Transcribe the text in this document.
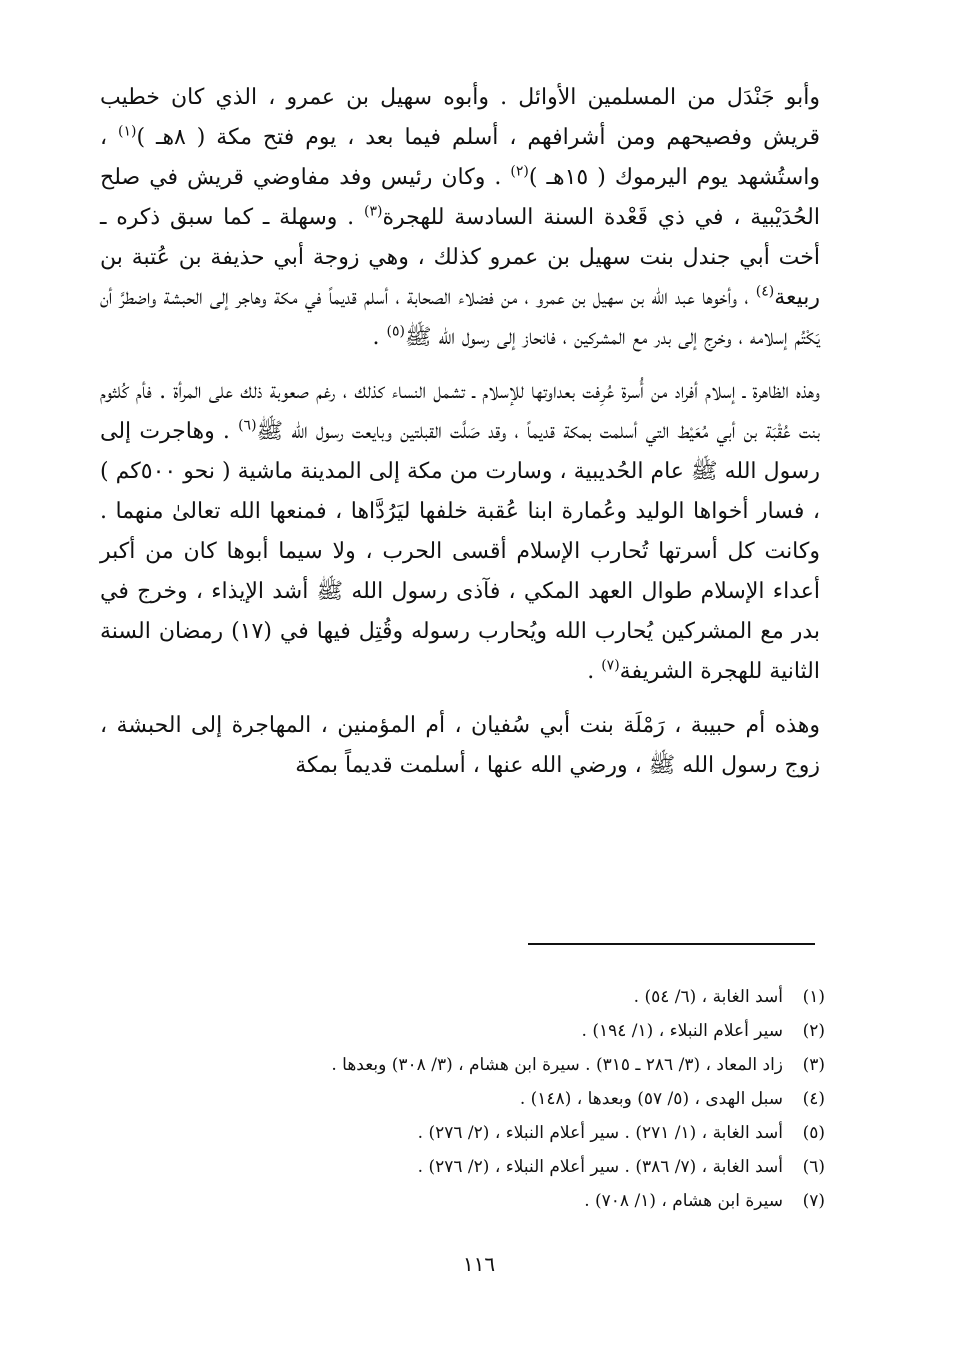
وأبو جَنْدَل من المسلمين الأوائل . وأبوه سهيل بن عمرو ، الذي كان خطيب قريش وفصيحهم ومن أشرافهم ، أسلم فيما بعد ، يوم فتح مكة ( ٨هـ )$^{(١)}$ ، واستُشهد يوم اليرموك ( ١٥هـ )$^{(٢)}$ . وكان رئيس وفد مفاوضي قريش في صلح الحُدَيْبية ، في ذي قَعْدة السنة السادسة للهجرة$^{(٣)}$ . وسهلة ـ كما سبق ذكره ـ أخت أبي جندل بنت سهيل بن عمرو كذلك ، وهي زوجة أبي حذيفة بن عُتبة بن ربيعة$^{(٤)}$ ، وأخوها عبد الله بن سهيل بن عمرو ، من فضلاء الصحابة ، أسلم قديماً في مكة وهاجر إلى الحبشة واضطرَّ أن يَكْتُم إسلامه ، وخرج إلى بدر مع المشركين ، فانحاز إلى رسول الله ﷺ$^{(٥)}$ .

وهذه الظاهرة ـ إسلام أفراد من أُسرة عُرِفت بعداوتها للإسلام ـ تشمل النساء كذلك ، رغم صعوبة ذلك على المرأة . فأم كُلثوم بنت عُقْبَة بن أبي مُعَيْط التي أسلمت بمكة قديماً ، وقد صَلَّت القبلتين وبايعت رسول الله ﷺ$^{(٦)}$ . وهاجرت إلى رسول الله ﷺ عام الحُديبية ، وسارت من مكة إلى المدينة ماشية ( نحو ٥٠٠كم ) ، فسار أخواها الوليد وعُمارة ابنا عُقبة خلفها ليَرُدَّاها ، فمنعها الله تعالىٰ منهما . وكانت كل أسرتها تُحارب الإسلام أقسى الحرب ، ولا سيما أبوها كان من أكبر أعداء الإسلام طوال العهد المكي ، فآذى رسول الله ﷺ أشد الإيذاء ، وخرج في بدر مع المشركين يُحارب الله ويُحارب رسوله وقُتِل فيها في (١٧) رمضان السنة الثانية للهجرة الشريفة$^{(٧)}$ .

وهذه أم حبيبة ، رَمْلَة بنت أبي سُفيان ، أم المؤمنين ، المهاجرة إلى الحبشة ، زوج رسول الله ﷺ ، ورضي الله عنها ، أسلمت قديماً بمكة

(١)أسد الغابة ، (٦/ ٥٤) .
(٢)سير أعلام النبلاء ، (١/ ١٩٤) .
(٣)زاد المعاد ، (٣/ ٢٨٦ ـ ٣١٥) . سيرة ابن هشام ، (٣/ ٣٠٨) وبعدها .
(٤)سبل الهدى ، (٥/ ٥٧) وبعدها ، (١٤٨) .
(٥)أسد الغابة ، (١/ ٢٧١) . سير أعلام النبلاء ، (٢/ ٢٧٦) .
(٦)أسد الغابة ، (٧/ ٣٨٦) . سير أعلام النبلاء ، (٢/ ٢٧٦) .
(٧)سيرة ابن هشام ، (١/ ٧٠٨) .
١١٦
